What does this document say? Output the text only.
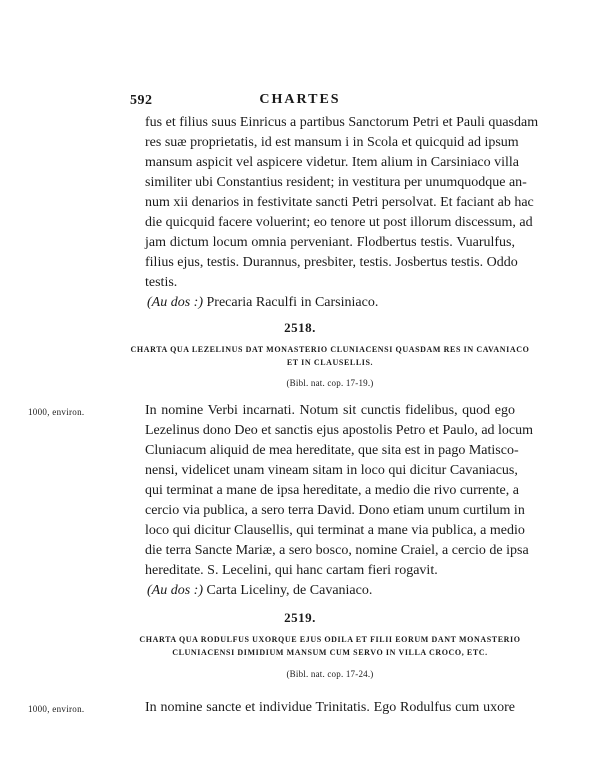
592	CHARTES
fus et filius suus Einricus a partibus Sanctorum Petri et Pauli quasdam
res suæ proprietatis, id est mansum i in Scola et quicquid ad ipsum
mansum aspicit vel aspicere videtur. Item alium in Carsiniaco villa
similiter ubi Constantius resident; in vestitura per unumquodque an-
num xii denarios in festivitate sancti Petri persolvat. Et faciant ab hac
die quicquid facere voluerint; eo tenore ut post illorum discessum, ad
jam dictum locum omnia perveniant. Flodbertus testis. Vuarulfus,
filius ejus, testis. Durannus, presbiter, testis. Josbertus testis. Oddo
testis.
(Au dos :) Precaria Raculfi in Carsiniaco.
2518.
CHARTA QUA LEZELINUS DAT MONASTERIO CLUNIACENSI QUASDAM RES IN CAVANIACO
ET IN CLAUSELLIS.
(Bibl. nat. cop. 17-19.)
1000, environ.	In nomine Verbi incarnati. Notum sit cunctis fidelibus, quod ego
Lezelinus dono Deo et sanctis ejus apostolis Petro et Paulo, ad locum
Cluniacum aliquid de mea hereditate, que sita est in pago Matisco-
nensi, videlicet unam vineam sitam in loco qui dicitur Cavaniacus,
qui terminat a mane de ipsa hereditate, a medio die rivo currente, a
cercio via publica, a sero terra David. Dono etiam unum curtilum in
loco qui dicitur Clausellis, qui terminat a mane via publica, a medio
die terra Sancte Mariæ, a sero bosco, nomine Craiel, a cercio de ipsa
hereditate. S. Lecelini, qui hanc cartam fieri rogavit.
(Au dos :) Carta Liceliny, de Cavaniaco.
2519.
CHARTA QUA RODULFUS UXORQUE EJUS ODILA ET FILII EORUM DANT MONASTERIO
CLUNIACENSI DIMIDIUM MANSUM CUM SERVO IN VILLA CROCO, ETC.
(Bibl. nat. cop. 17-24.)
1000, environ.	In nomine sancte et individue Trinitatis. Ego Rodulfus cum uxore
